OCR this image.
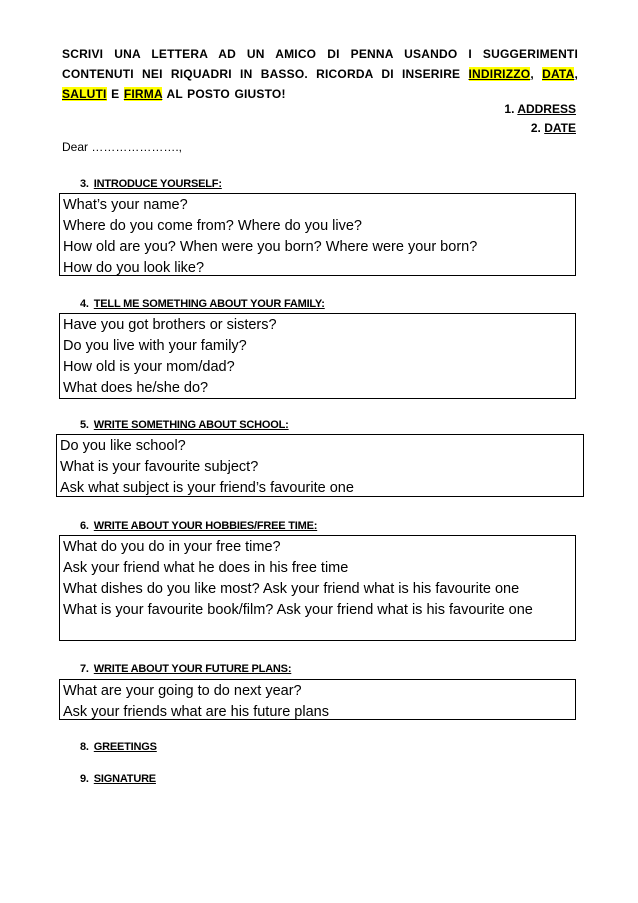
SCRIVI UNA LETTERA AD UN AMICO DI PENNA USANDO I SUGGERIMENTI CONTENUTI NEI RIQUADRI IN BASSO. RICORDA DI INSERIRE INDIRIZZO, DATA, SALUTI E FIRMA AL POSTO GIUSTO!
1. ADDRESS
2. DATE
Dear ………………….,
3. INTRODUCE YOURSELF:
What’s your name?
Where do you come from? Where do you live?
How old are you? When were you born? Where were your born?
How do you look like?
4. TELL ME SOMETHING ABOUT YOUR FAMILY:
Have you got brothers or sisters?
Do you live with your family?
How old is your mom/dad?
What does he/she do?
5. WRITE SOMETHING ABOUT SCHOOL:
Do you like school?
What is your favourite subject?
Ask what subject is your friend’s favourite one
6. WRITE ABOUT YOUR HOBBIES/FREE TIME:
What do you do in your free time?
Ask your friend what he does in his free time
What dishes do you like most? Ask your friend what is his favourite one
What is your favourite book/film? Ask your friend what is his favourite one
7. WRITE ABOUT YOUR FUTURE PLANS:
What are your going to do next year?
Ask your friends what are his future plans
8. GREETINGS
9. SIGNATURE
